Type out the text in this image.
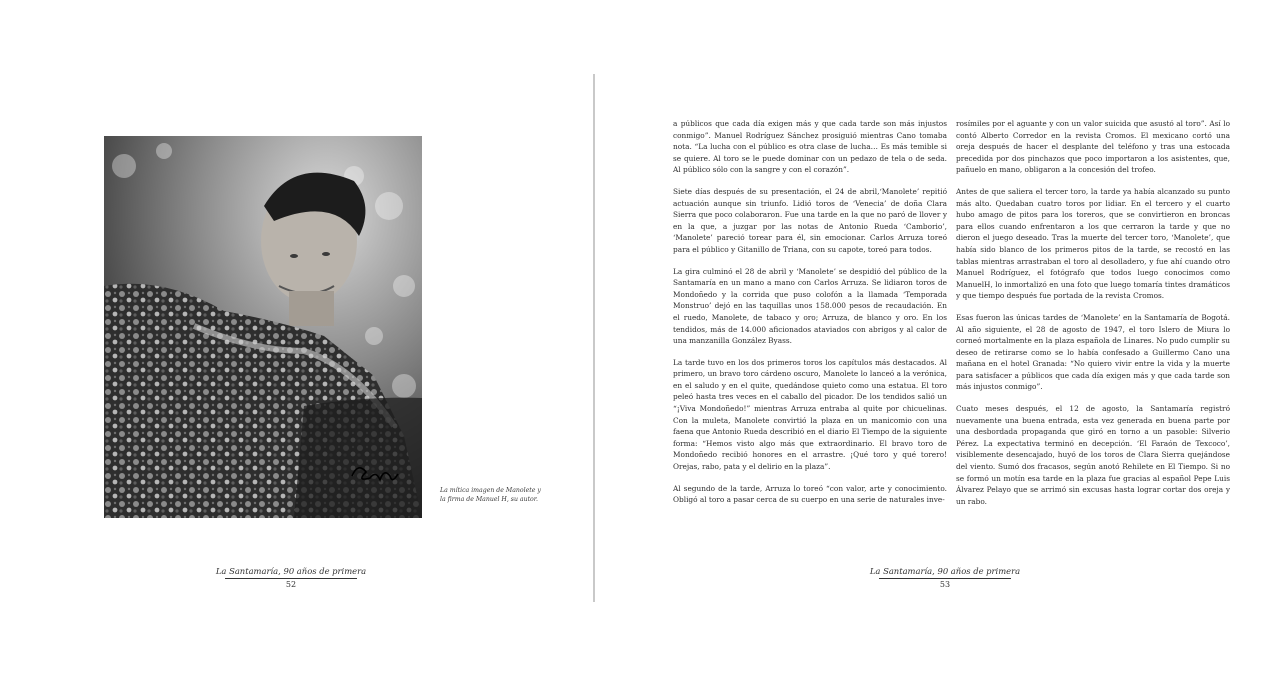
La mítica imagen de Manolete y
la firma de Manuel H, su autor.
La Santamaría, 90 años de primera
52

a públicos que cada día exigen más y que cada tarde son más injustos conmigo”. Manuel Rodríguez Sánchez prosiguió mientras Cano tomaba nota. “La lucha con el público es otra clase de lucha… Es más temible si se quiere. Al toro se le puede dominar con un pedazo de tela o de seda. Al público sólo con la sangre y con el corazón”.

Siete días después de su presentación, el 24 de abril,‘Manolete’ repitió actuación aunque sin triunfo. Lidió toros de ‘Venecia’ de doña Clara Sierra que poco colaboraron. Fue una tarde en la que no paró de llover y en la que, a juzgar por las notas de Antonio Rueda ‘Camborio’, ‘Manolete’ pareció torear para él, sin emocionar. Carlos Arruza toreó para el público y Gitanillo de Triana, con su capote, toreó para todos.

La gira culminó el 28 de abril y ‘Manolete’ se despidió del público de la Santamaría en un mano a mano con Carlos Arruza. Se lidiaron toros de Mondoñedo y la corrida que puso colofón a la llamada ‘Temporada Monstruo’ dejó en las taquillas unos 158.000 pesos de recaudación. En el ruedo, Manolete, de tabaco y oro; Arruza, de blanco y oro. En los tendidos, más de 14.000 aficionados ataviados con abrigos y al calor de una manzanilla González Byass.

La tarde tuvo en los dos primeros toros los capítulos más destacados. Al primero, un bravo toro cárdeno oscuro, Manolete lo lanceó a la verónica, en el saludo y en el quite, quedándose quieto como una estatua. El toro peleó hasta tres veces en el caballo del picador. De los tendidos salió un “¡Viva Mondoñedo!” mientras Arruza entraba al quite por chicuelinas. Con la muleta, Manolete convirtió la plaza en un manicomio con una faena que Antonio Rueda describió en el diario El Tiempo de la siguiente forma: “Hemos visto algo más que extraordinario. El bravo toro de Mondoñedo recibió honores en el arrastre. ¡Qué toro y qué torero! Orejas, rabo, pata y el delirio en la plaza”.

Al segundo de la tarde, Arruza lo toreó “con valor, arte y conocimiento. Obligó al toro a pasar cerca de su cuerpo en una serie de naturales inve-

rosímiles por el aguante y con un valor suicida que asustó al toro”. Así lo contó Alberto Corredor en la revista Cromos. El mexicano cortó una oreja después de hacer el desplante del teléfono y tras una estocada precedida por dos pinchazos que poco importaron a los asistentes, que, pañuelo en mano, obligaron a la concesión del trofeo.

Antes de que saliera el tercer toro, la tarde ya había alcanzado su punto más alto. Quedaban cuatro toros por lidiar. En el tercero y el cuarto hubo amago de pitos para los toreros, que se convirtieron en broncas para ellos cuando enfrentaron a los que cerraron la tarde y que no dieron el juego deseado. Tras la muerte del tercer toro, ‘Manolete’, que había sido blanco de los primeros pitos de la tarde, se recostó en las tablas mientras arrastraban el toro al desolladero, y fue ahí cuando otro Manuel Rodríguez, el fotógrafo que todos luego conocimos como ManuelH, lo inmortalizó en una foto que luego tomaría tintes dramáticos y que tiempo después fue portada de la revista Cromos.

Esas fueron las únicas tardes de ‘Manolete’ en la Santamaría de Bogotá. Al año siguiente, el 28 de agosto de 1947, el toro Islero de Miura lo corneó mortalmente en la plaza española de Linares. No pudo cumplir su deseo de retirarse como se lo había confesado a Guillermo Cano una mañana en el hotel Granada: “No quiero vivir entre la vida y la muerte para satisfacer a públicos que cada día exigen más y que cada tarde son más injustos conmigo”.

Cuato meses después, el 12 de agosto, la Santamaría registró nuevamente una buena entrada, esta vez generada en buena parte por una desbordada propaganda que giró en torno a un pasoble: Silverio Pérez. La expectativa terminó en decepción. ‘El Faraón de Texcoco’, visiblemente desencajado, huyó de los toros de Clara Sierra quejándose del viento. Sumó dos fracasos, según anotó Rehilete en El Tiempo. Si no se formó un motín esa tarde en la plaza fue gracias al español Pepe Luis Álvarez Pelayo que se arrimó sin excusas hasta lograr cortar dos oreja y un rabo.

La Santamaría, 90 años de primera
53
